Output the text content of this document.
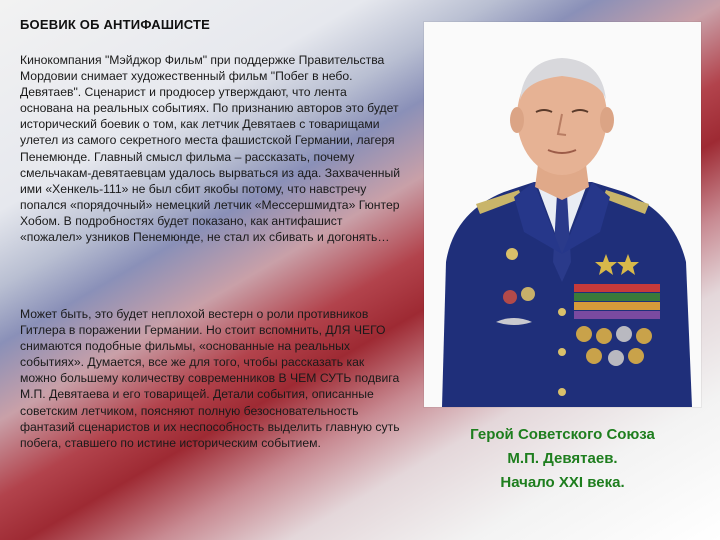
БОЕВИК ОБ АНТИФАШИСТЕ

Кинокомпания "Мэйджор Фильм" при поддержке Правительства Мордовии снимает художественный фильм "Побег в небо. Девятаев". Сценарист и продюсер утверждают, что лента основана на реальных событиях. По признанию авторов это будет исторический боевик о том, как летчик Девятаев с товарищами улетел из самого секретного места фашистской Германии, лагеря Пенемюнде. Главный смысл фильма – рассказать, почему смельчакам-девятаевцам удалось вырваться из ада. Захваченный ими «Хенкель-111» не был сбит якобы потому, что навстречу попался «порядочный» немецкий летчик «Мессершмидта» Гюнтер Хобом. В подробностях будет показано, как антифашист «пожалел» узников Пенемюнде, не стал их сбивать и догонять…

Может быть, это будет неплохой вестерн о роли противников Гитлера в поражении Германии. Но стоит вспомнить, ДЛЯ ЧЕГО снимаются подобные фильмы, «основанные на реальных событиях». Думается, все же для того, чтобы рассказать как можно большему количеству современников В ЧЕМ СУТЬ подвига М.П. Девятаева и его товарищей. Детали события, описанные советским летчиком, поясняют полную безосновательность фантазий сценаристов и их неспособность выделить главную суть побега, ставшего по истине историческим событием.	Герой Советского Союза
М.П. Девятаев.
Начало XXI века.
